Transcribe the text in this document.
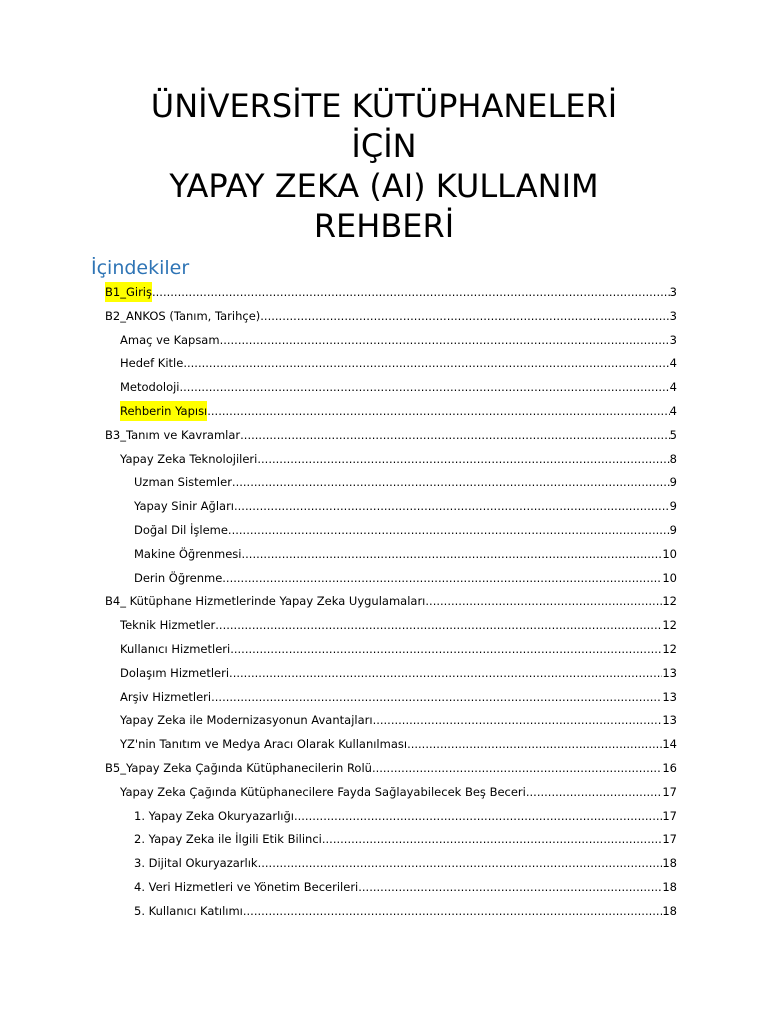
ÜNİVERSİTE KÜTÜPHANELERİ
İÇİN
YAPAY ZEKA (AI) KULLANIM
REHBERİ
İçindekiler
B1_Giriş .....	3
B2_ANKOS (Tanım, Tarihçe) .....	3
Amaç ve Kapsam .....	3
Hedef Kitle .....	4
Metodoloji .....	4
Rehberin Yapısı .....	4
B3_Tanım ve Kavramlar .....	5
Yapay Zeka Teknolojileri .....	8
Uzman Sistemler .....	9
Yapay Sinir Ağları .....	9
Doğal Dil İşleme .....	9
Makine Öğrenmesi .....	10
Derin Öğrenme .....	10
B4_ Kütüphane Hizmetlerinde Yapay Zeka Uygulamaları .....	12
Teknik Hizmetler .....	12
Kullanıcı Hizmetleri .....	12
Dolaşım Hizmetleri .....	13
Arşiv Hizmetleri .....	13
Yapay Zeka ile Modernizasyonun Avantajları .....	13
YZ'nin Tanıtım ve Medya Aracı Olarak Kullanılması .....	14
B5_Yapay Zeka Çağında Kütüphanecilerin Rolü .....	16
Yapay Zeka Çağında Kütüphanecilere Fayda Sağlayabilecek Beş Beceri .....	17
1. Yapay Zeka Okuryazarlığı .....	17
2. Yapay Zeka ile İlgili Etik Bilinci .....	17
3. Dijital Okuryazarlık .....	18
4. Veri Hizmetleri ve Yönetim Becerileri .....	18
5. Kullanıcı Katılımı .....	18
